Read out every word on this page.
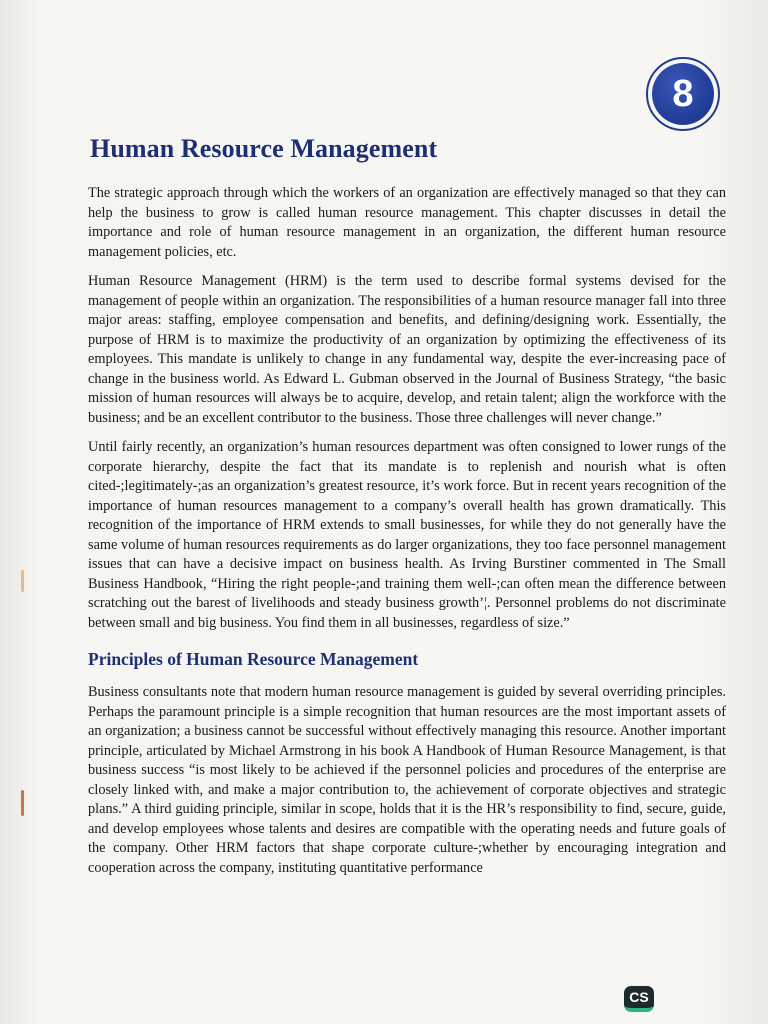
8
Human Resource Management

The strategic approach through which the workers of an organization are effectively managed so that they can help the business to grow is called human resource management. This chapter discusses in detail the importance and role of human resource management in an organization, the different human resource management policies, etc.

Human Resource Management (HRM) is the term used to describe formal systems devised for the management of people within an organization. The responsibilities of a human resource manager fall into three major areas: staffing, employee compensation and benefits, and defining/designing work. Essentially, the purpose of HRM is to maximize the productivity of an organization by optimizing the effectiveness of its employees. This mandate is unlikely to change in any fundamental way, despite the ever-increasing pace of change in the business world. As Edward L. Gubman observed in the Journal of Business Strategy, “the basic mission of human resources will always be to acquire, develop, and retain talent; align the workforce with the business; and be an excellent contributor to the business. Those three challenges will never change.”

Until fairly recently, an organization’s human resources department was often consigned to lower rungs of the corporate hierarchy, despite the fact that its mandate is to replenish and nourish what is often cited-;legitimately-;as an organization’s greatest resource, it’s work force. But in recent years recognition of the importance of human resources management to a company’s overall health has grown dramatically. This recognition of the importance of HRM extends to small businesses, for while they do not generally have the same volume of human resources requirements as do larger organizations, they too face personnel management issues that can have a decisive impact on business health. As Irving Burstiner commented in The Small Business Handbook, “Hiring the right people-;and training them well-;can often mean the difference between scratching out the barest of livelihoods and steady business growth’¦. Personnel problems do not discriminate between small and big business. You find them in all businesses, regardless of size.”

Principles of Human Resource Management

Business consultants note that modern human resource management is guided by several overriding principles. Perhaps the paramount principle is a simple recognition that human resources are the most important assets of an organization; a business cannot be successful without effectively managing this resource. Another important principle, articulated by Michael Armstrong in his book A Handbook of Human Resource Management, is that business success “is most likely to be achieved if the personnel policies and procedures of the enterprise are closely linked with, and make a major contribution to, the achievement of corporate objectives and strategic plans.” A third guiding principle, similar in scope, holds that it is the HR’s responsibility to find, secure, guide, and develop employees whose talents and desires are compatible with the operating needs and future goals of the company. Other HRM factors that shape corporate culture-;whether by encouraging integration and cooperation across the company, instituting quantitative performance

CS
